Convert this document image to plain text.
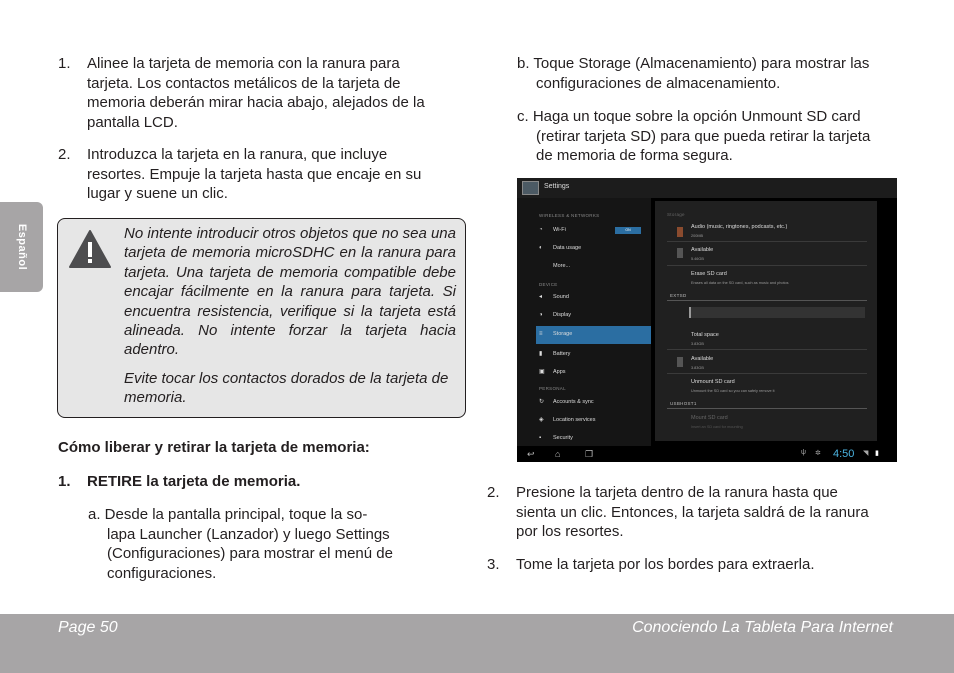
Español
1. Alinee la tarjeta de memoria con la ranura para
tarjeta. Los contactos metálicos de la tarjeta de
memoria deberán mirar hacia abajo, alejados de la
pantalla LCD.
2. Introduzca la tarjeta en la ranura, que incluye
resortes. Empuje la tarjeta hasta que encaje en su
lugar y suene un clic.

No intente introducir otros objetos que no sea una tarjeta de memoria microSDHC en la ranura para tarjeta. Una tarjeta de memoria compatible debe encajar fácilmente en la ranura para tarjeta. Si encuentra resistencia, verifique si la tarjeta está alineada. No intente forzar la tarjeta hacia adentro.

Evite tocar los contactos dorados de la tarjeta de memoria.

Cómo liberar y retirar la tarjeta de memoria:
1. RETIRE la tarjeta de memoria.
a. Desde la pantalla principal, toque la so-
lapa Launcher (Lanzador) y luego Settings
(Configuraciones) para mostrar el menú de
configuraciones.
b. Toque Storage (Almacenamiento) para mostrar las
configuraciones de almacenamiento.
c. Haga un toque sobre la opción Unmount SD card
(retirar tarjeta SD) para que pueda retirar la tarjeta
de memoria de forma segura.
Settings
WIRELESS & NETWORKS
◔	Wi-Fi	ON
◐	Data usage
More...
DEVICE
◂	Sound
◑	Display
≡	Storage
▮	Battery
▣ Apps
PERSONAL
↻	Accounts & sync
◈	Location services
▪	Security
Storage
Audio (music, ringtones, podcasts, etc.)
200MB
Available
5.46GB
Erase SD card
Erases all data on the SD card, such as music and photos
EXTSD
Total space
3.83GB
Available
3.83GB
Unmount SD card
Unmount the SD card so you can safely remove it
USBHOST1
Mount SD card
Insert an SD card for mounting
↩ ⌂	❐	ψ ✲ 4:50 ◥ ▮
2. Presione la tarjeta dentro de la ranura hasta que
sienta un clic. Entonces, la tarjeta saldrá de la ranura
por los resortes.
3. Tome la tarjeta por los bordes para extraerla.
Page 50	Conociendo La Tableta Para Internet
